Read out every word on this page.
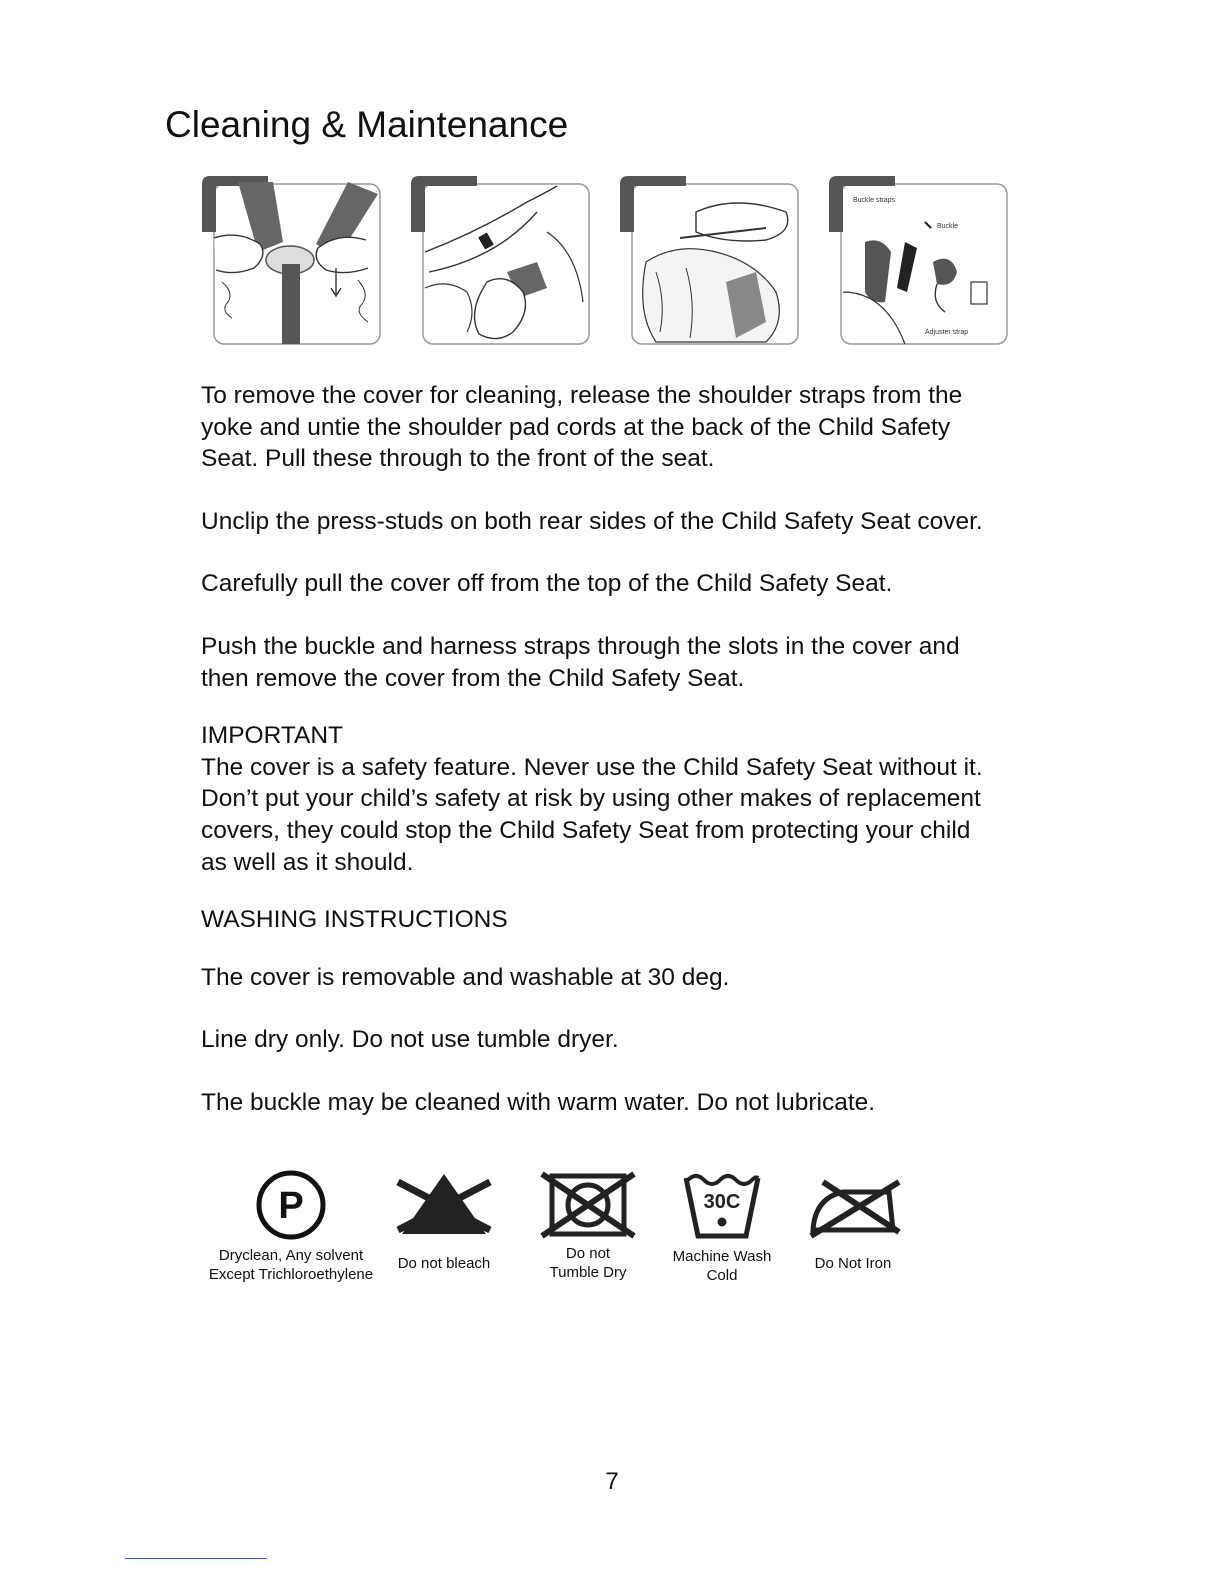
Cleaning & Maintenance
Buckle straps
Buckle
Adjuster strap

To remove the cover for cleaning, release the shoulder straps from the
yoke and untie the shoulder pad cords at the back of the Child Safety
Seat. Pull these through to the front of the seat.

Unclip the press-studs on both rear sides of the Child Safety Seat cover.

Carefully pull the cover off from the top of the Child Safety Seat.

Push the buckle and harness straps through the slots in the cover and
then remove the cover from the Child Safety Seat.

IMPORTANT
The cover is a safety feature. Never use the Child Safety Seat without it.
Don’t put your child’s safety at risk by using other makes of replacement
covers, they could stop the Child Safety Seat from protecting your child
as well as it should.

WASHING INSTRUCTIONS

The cover is removable and washable at 30 deg.

Line dry only. Do not use tumble dryer.

The buckle may be cleaned with warm water. Do not lubricate.

P
Dryclean, Any solvent
Except Trichloroethylene
Do not bleach
Do not
Tumble Dry
30C
Machine Wash
Cold
Do Not Iron
7
